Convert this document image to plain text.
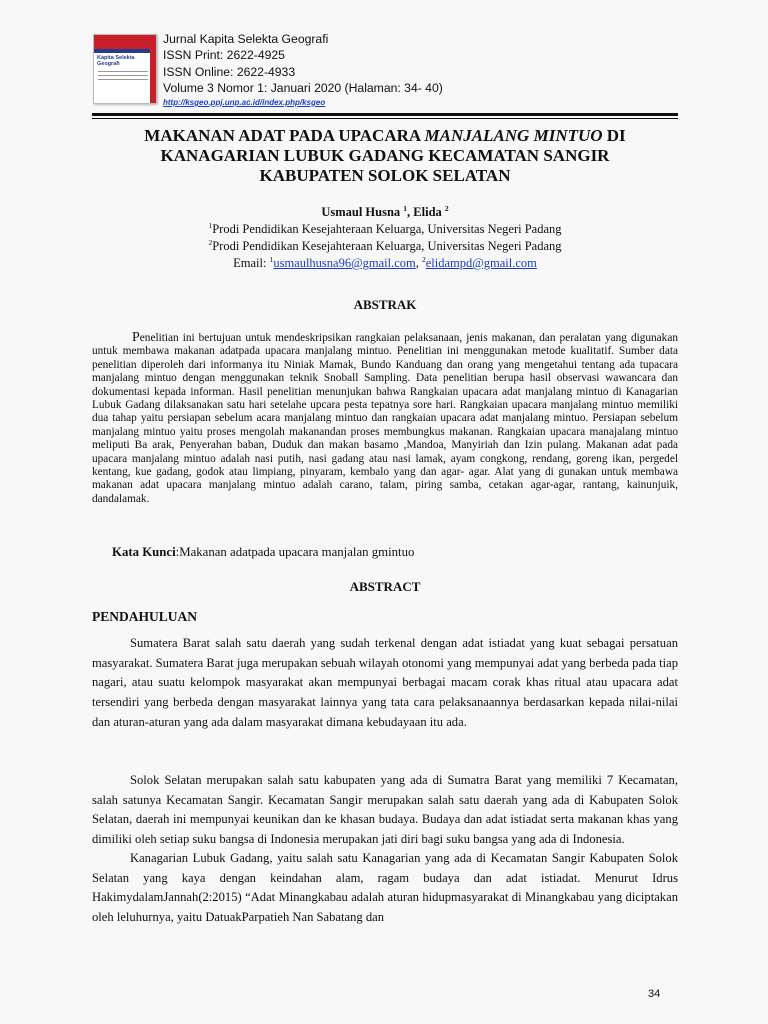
Kapita Selekta Geografi
Jurnal Kapita Selekta Geografi
ISSN Print: 2622-4925
ISSN Online: 2622-4933
Volume 3 Nomor 1: Januari 2020 (Halaman: 34- 40)
http://ksgeo.ppj.unp.ac.id/index.php/ksgeo
MAKANAN ADAT PADA UPACARA MANJALANG MINTUO DI
KANAGARIAN LUBUK GADANG KECAMATAN SANGIR
KABUPATEN SOLOK SELATAN
Usmaul Husna $^1$, Elida $^2$
$^1$Prodi Pendidikan Kesejahteraan Keluarga, Universitas Negeri Padang
$^2$Prodi Pendidikan Kesejahteraan Keluarga, Universitas Negeri Padang
Email: $^1$usmaulhusna96@gmail.com, $^2$elidampd@gmail.com
ABSTRAK

Penelitian ini bertujuan untuk mendeskripsikan rangkaian pelaksanaan, jenis makanan, dan peralatan yang digunakan untuk membawa makanan adatpada upacara manjalang mintuo. Penelitian ini menggunakan metode kualitatif. Sumber data penelitian diperoleh dari informanya itu Niniak Mamak, Bundo Kanduang dan orang yang mengetahui tentang ada tupacara manjalang mintuo dengan menggunakan teknik Snoball Sampling. Data penelitian berupa hasil observasi wawancara dan dokumentasi kepada informan. Hasil penelitian menunjukan bahwa Rangkaian upacara adat manjalang mintuo di Kanagarian Lubuk Gadang dilaksanakan satu hari setelahe upcara pesta tepatnya sore hari. Rangkaian upacara manjalang mintuo memiliki dua tahap yaitu persiapan sebelum acara manjalang mintuo dan rangkaian upacara adat manjalang mintuo. Persiapan sebelum manjalang mintuo yaitu proses mengolah makanandan proses membungkus makanan. Rangkaian upacara manajalang mintuo meliputi Ba arak, Penyerahan baban, Duduk dan makan basamo ,Mandoa, Manyiriah dan Izin pulang. Makanan adat pada upacara manjalang mintuo adalah nasi putih, nasi gadang atau nasi lamak, ayam congkong, rendang, goreng ikan, pergedel kentang, kue gadang, godok atau limpiang, pinyaram, kembalo yang dan agar- agar. Alat yang di gunakan untuk membawa makanan adat upacara manjalang mintuo adalah carano, talam, piring samba, cetakan agar-agar, rantang, kainunjuik, dandalamak.

Kata Kunci:Makanan adatpada upacara manjalan gmintuo

ABSTRACT
PENDAHULUAN

Sumatera Barat salah satu daerah yang sudah terkenal dengan adat istiadat yang kuat sebagai persatuan masyarakat. Sumatera Barat juga merupakan sebuah wilayah otonomi yang mempunyai adat yang berbeda pada tiap nagari, atau suatu kelompok masyarakat akan mempunyai berbagai macam corak khas ritual atau upacara adat tersendiri yang berbeda dengan masyarakat lainnya yang tata cara pelaksanaannya berdasarkan kepada nilai-nilai dan aturan-aturan yang ada dalam masyarakat dimana kebudayaan itu ada.

Solok Selatan merupakan salah satu kabupaten yang ada di Sumatra Barat yang memiliki 7 Kecamatan, salah satunya Kecamatan Sangir. Kecamatan Sangir merupakan salah satu daerah yang ada di Kabupaten Solok Selatan, daerah ini mempunyai keunikan dan ke khasan budaya. Budaya dan adat istiadat serta makanan khas yang dimiliki oleh setiap suku bangsa di Indonesia merupakan jati diri bagi suku bangsa yang ada di Indonesia.

Kanagarian Lubuk Gadang, yaitu salah satu Kanagarian yang ada di Kecamatan Sangir Kabupaten Solok Selatan yang kaya dengan keindahan alam, ragam budaya dan adat istiadat. Menurut Idrus HakimydalamJannah(2:2015) “Adat Minangkabau adalah aturan hidupmasyarakat di Minangkabau yang diciptakan oleh leluhurnya, yaitu DatuakParpatieh Nan Sabatang dan

34
